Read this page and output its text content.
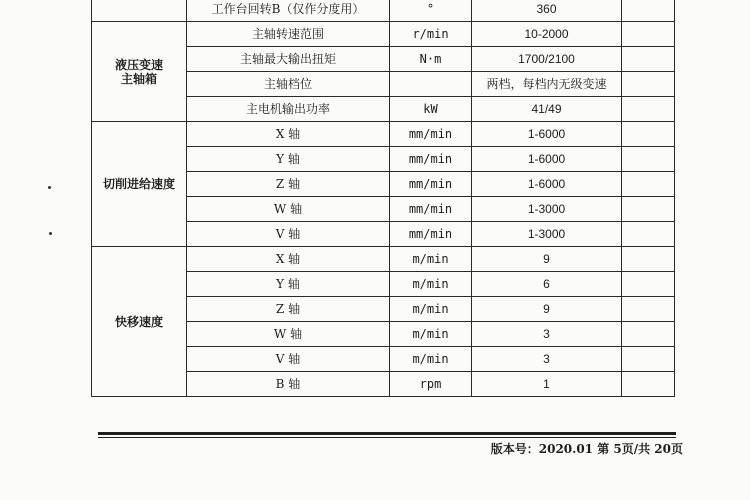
	工作台回转B（仅作分度用）	°	360	
液压变速
主轴箱	主轴转速范围	r/min	10-2000	
	主轴最大输出扭矩	N·m	1700/2100	
	主轴档位		两档，每档内无级变速	
	主电机输出功率	kW	41/49	
切削进给速度	X 轴	mm/min	1-6000	
	Y 轴	mm/min	1-6000	
	Z 轴	mm/min	1-6000	
	W 轴	mm/min	1-3000	
	V 轴	mm/min	1-3000	
快移速度	X 轴	m/min	9	
	Y 轴	m/min	6	
	Z 轴	m/min	9	
	W 轴	m/min	3	
	V 轴	m/min	3	
	B 轴	rpm	1	
版本号：2020.01 第 5页/共 20页
